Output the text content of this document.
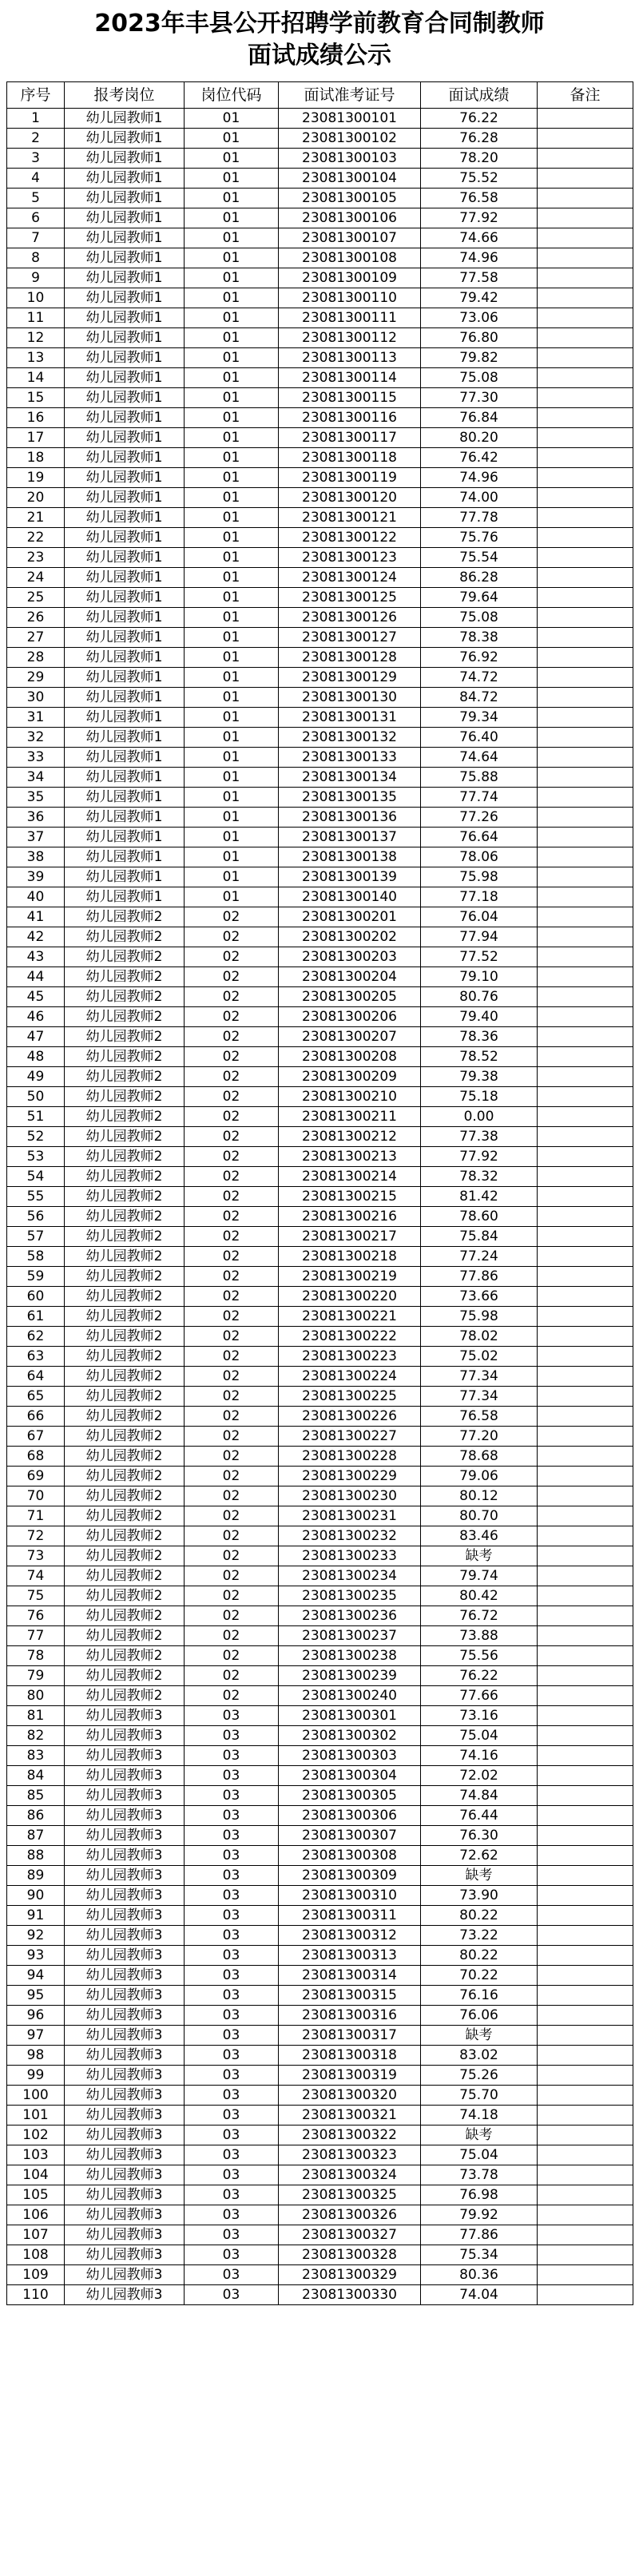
2023年丰县公开招聘学前教育合同制教师
面试成绩公示
序号	报考岗位	岗位代码	面试准考证号	面试成绩	备注
1	幼儿园教师1	01	23081300101	76.22	
2	幼儿园教师1	01	23081300102	76.28	
3	幼儿园教师1	01	23081300103	78.20	
4	幼儿园教师1	01	23081300104	75.52	
5	幼儿园教师1	01	23081300105	76.58	
6	幼儿园教师1	01	23081300106	77.92	
7	幼儿园教师1	01	23081300107	74.66	
8	幼儿园教师1	01	23081300108	74.96	
9	幼儿园教师1	01	23081300109	77.58	
10	幼儿园教师1	01	23081300110	79.42	
11	幼儿园教师1	01	23081300111	73.06	
12	幼儿园教师1	01	23081300112	76.80	
13	幼儿园教师1	01	23081300113	79.82	
14	幼儿园教师1	01	23081300114	75.08	
15	幼儿园教师1	01	23081300115	77.30	
16	幼儿园教师1	01	23081300116	76.84	
17	幼儿园教师1	01	23081300117	80.20	
18	幼儿园教师1	01	23081300118	76.42	
19	幼儿园教师1	01	23081300119	74.96	
20	幼儿园教师1	01	23081300120	74.00	
21	幼儿园教师1	01	23081300121	77.78	
22	幼儿园教师1	01	23081300122	75.76	
23	幼儿园教师1	01	23081300123	75.54	
24	幼儿园教师1	01	23081300124	86.28	
25	幼儿园教师1	01	23081300125	79.64	
26	幼儿园教师1	01	23081300126	75.08	
27	幼儿园教师1	01	23081300127	78.38	
28	幼儿园教师1	01	23081300128	76.92	
29	幼儿园教师1	01	23081300129	74.72	
30	幼儿园教师1	01	23081300130	84.72	
31	幼儿园教师1	01	23081300131	79.34	
32	幼儿园教师1	01	23081300132	76.40	
33	幼儿园教师1	01	23081300133	74.64	
34	幼儿园教师1	01	23081300134	75.88	
35	幼儿园教师1	01	23081300135	77.74	
36	幼儿园教师1	01	23081300136	77.26	
37	幼儿园教师1	01	23081300137	76.64	
38	幼儿园教师1	01	23081300138	78.06	
39	幼儿园教师1	01	23081300139	75.98	
40	幼儿园教师1	01	23081300140	77.18	
41	幼儿园教师2	02	23081300201	76.04	
42	幼儿园教师2	02	23081300202	77.94	
43	幼儿园教师2	02	23081300203	77.52	
44	幼儿园教师2	02	23081300204	79.10	
45	幼儿园教师2	02	23081300205	80.76	
46	幼儿园教师2	02	23081300206	79.40	
47	幼儿园教师2	02	23081300207	78.36	
48	幼儿园教师2	02	23081300208	78.52	
49	幼儿园教师2	02	23081300209	79.38	
50	幼儿园教师2	02	23081300210	75.18	
51	幼儿园教师2	02	23081300211	0.00	
52	幼儿园教师2	02	23081300212	77.38	
53	幼儿园教师2	02	23081300213	77.92	
54	幼儿园教师2	02	23081300214	78.32	
55	幼儿园教师2	02	23081300215	81.42	
56	幼儿园教师2	02	23081300216	78.60	
57	幼儿园教师2	02	23081300217	75.84	
58	幼儿园教师2	02	23081300218	77.24	
59	幼儿园教师2	02	23081300219	77.86	
60	幼儿园教师2	02	23081300220	73.66	
61	幼儿园教师2	02	23081300221	75.98	
62	幼儿园教师2	02	23081300222	78.02	
63	幼儿园教师2	02	23081300223	75.02	
64	幼儿园教师2	02	23081300224	77.34	
65	幼儿园教师2	02	23081300225	77.34	
66	幼儿园教师2	02	23081300226	76.58	
67	幼儿园教师2	02	23081300227	77.20	
68	幼儿园教师2	02	23081300228	78.68	
69	幼儿园教师2	02	23081300229	79.06	
70	幼儿园教师2	02	23081300230	80.12	
71	幼儿园教师2	02	23081300231	80.70	
72	幼儿园教师2	02	23081300232	83.46	
73	幼儿园教师2	02	23081300233	缺考	
74	幼儿园教师2	02	23081300234	79.74	
75	幼儿园教师2	02	23081300235	80.42	
76	幼儿园教师2	02	23081300236	76.72	
77	幼儿园教师2	02	23081300237	73.88	
78	幼儿园教师2	02	23081300238	75.56	
79	幼儿园教师2	02	23081300239	76.22	
80	幼儿园教师2	02	23081300240	77.66	
81	幼儿园教师3	03	23081300301	73.16	
82	幼儿园教师3	03	23081300302	75.04	
83	幼儿园教师3	03	23081300303	74.16	
84	幼儿园教师3	03	23081300304	72.02	
85	幼儿园教师3	03	23081300305	74.84	
86	幼儿园教师3	03	23081300306	76.44	
87	幼儿园教师3	03	23081300307	76.30	
88	幼儿园教师3	03	23081300308	72.62	
89	幼儿园教师3	03	23081300309	缺考	
90	幼儿园教师3	03	23081300310	73.90	
91	幼儿园教师3	03	23081300311	80.22	
92	幼儿园教师3	03	23081300312	73.22	
93	幼儿园教师3	03	23081300313	80.22	
94	幼儿园教师3	03	23081300314	70.22	
95	幼儿园教师3	03	23081300315	76.16	
96	幼儿园教师3	03	23081300316	76.06	
97	幼儿园教师3	03	23081300317	缺考	
98	幼儿园教师3	03	23081300318	83.02	
99	幼儿园教师3	03	23081300319	75.26	
100	幼儿园教师3	03	23081300320	75.70	
101	幼儿园教师3	03	23081300321	74.18	
102	幼儿园教师3	03	23081300322	缺考	
103	幼儿园教师3	03	23081300323	75.04	
104	幼儿园教师3	03	23081300324	73.78	
105	幼儿园教师3	03	23081300325	76.98	
106	幼儿园教师3	03	23081300326	79.92	
107	幼儿园教师3	03	23081300327	77.86	
108	幼儿园教师3	03	23081300328	75.34	
109	幼儿园教师3	03	23081300329	80.36	
110	幼儿园教师3	03	23081300330	74.04	
